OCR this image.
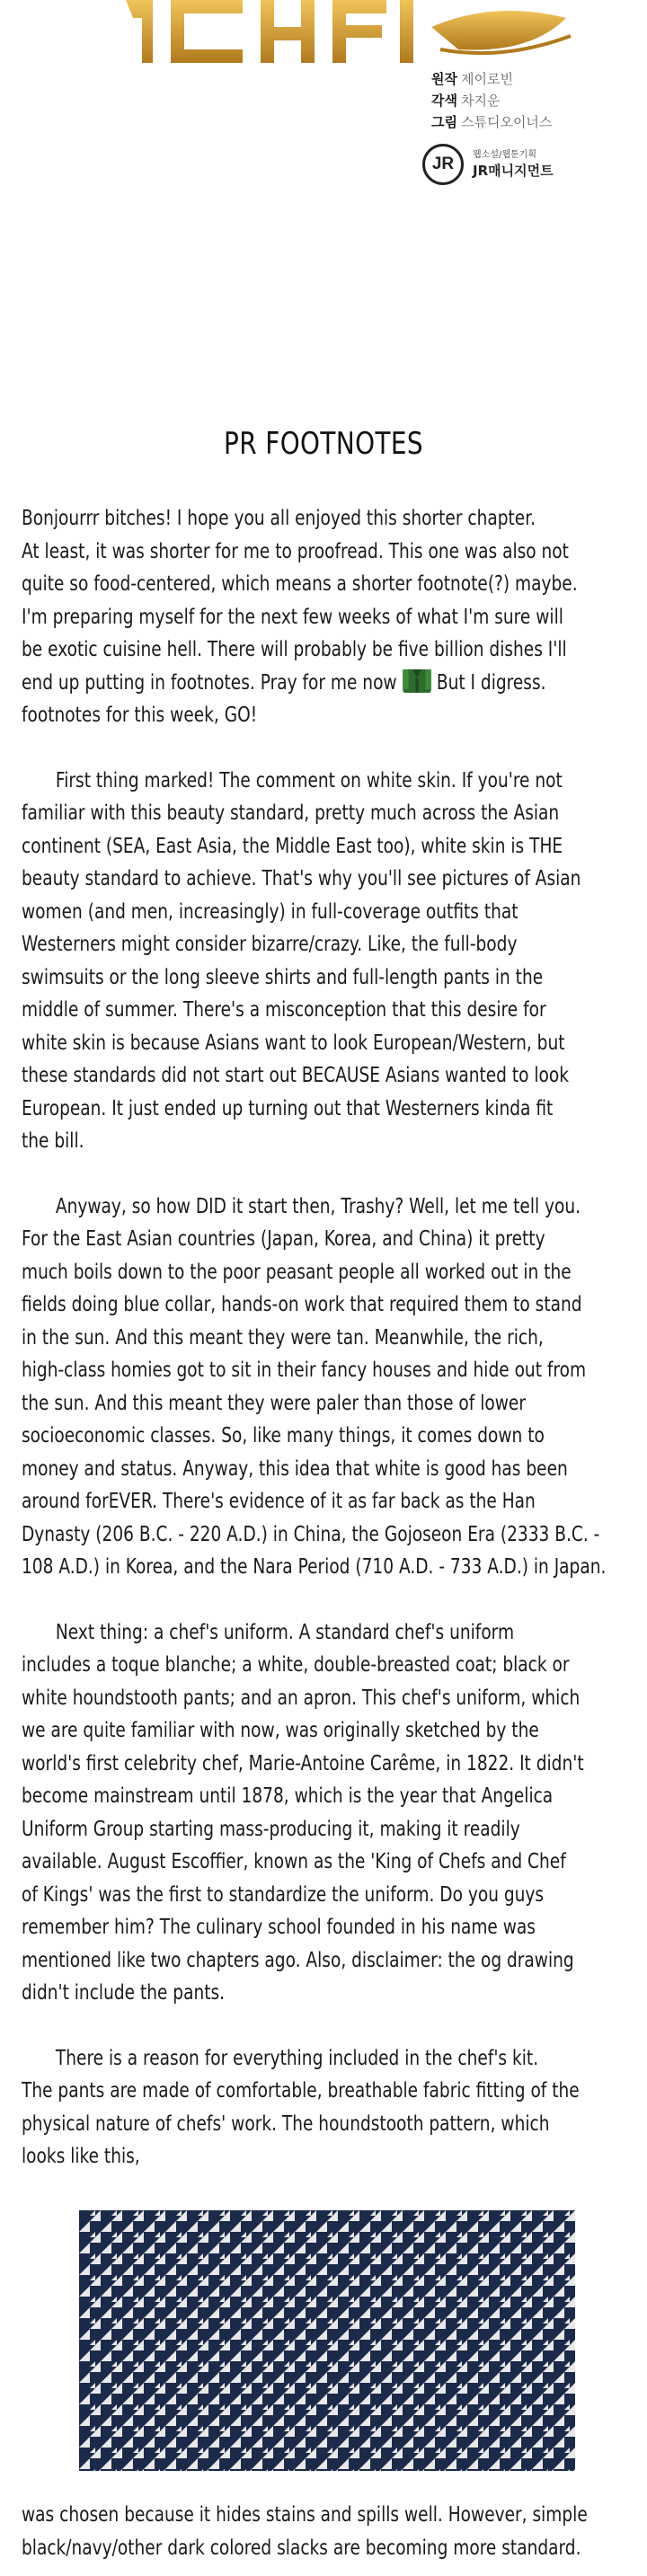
원작 제이로빈
각색 차지운
그림 스튜디오이너스
JR	웹소설/웹툰기획
JR매니지먼트
PR FOOTNOTES
Bonjourrr bitches! I hope you all enjoyed this shorter chapter.
At least, it was shorter for me to proofread. This one was also not
quite so food-centered, which means a shorter footnote(?) maybe.
I'm preparing myself for the next few weeks of what I'm sure will
be exotic cuisine hell. There will probably be five billion dishes I'll
end up putting in footnotes. Pray for me now But I digress.
footnotes for this week, GO!
First thing marked! The comment on white skin. If you're not
familiar with this beauty standard, pretty much across the Asian
continent (SEA, East Asia, the Middle East too), white skin is THE
beauty standard to achieve. That's why you'll see pictures of Asian
women (and men, increasingly) in full-coverage outfits that
Westerners might consider bizarre/crazy. Like, the full-body
swimsuits or the long sleeve shirts and full-length pants in the
middle of summer. There's a misconception that this desire for
white skin is because Asians want to look European/Western, but
these standards did not start out BECAUSE Asians wanted to look
European. It just ended up turning out that Westerners kinda fit
the bill.
Anyway, so how DID it start then, Trashy? Well, let me tell you.
For the East Asian countries (Japan, Korea, and China) it pretty
much boils down to the poor peasant people all worked out in the
fields doing blue collar, hands-on work that required them to stand
in the sun. And this meant they were tan. Meanwhile, the rich,
high-class homies got to sit in their fancy houses and hide out from
the sun. And this meant they were paler than those of lower
socioeconomic classes. So, like many things, it comes down to
money and status. Anyway, this idea that white is good has been
around forEVER. There's evidence of it as far back as the Han
Dynasty (206 B.C. - 220 A.D.) in China, the Gojoseon Era (2333 B.C. -
108 A.D.) in Korea, and the Nara Period (710 A.D. - 733 A.D.) in Japan.
Next thing: a chef's uniform. A standard chef's uniform
includes a toque blanche; a white, double-breasted coat; black or
white houndstooth pants; and an apron. This chef's uniform, which
we are quite familiar with now, was originally sketched by the
world's first celebrity chef, Marie-Antoine Carême, in 1822. It didn't
become mainstream until 1878, which is the year that Angelica
Uniform Group starting mass-producing it, making it readily
available. August Escoffier, known as the 'King of Chefs and Chef
of Kings' was the first to standardize the uniform. Do you guys
remember him? The culinary school founded in his name was
mentioned like two chapters ago. Also, disclaimer: the og drawing
didn't include the pants.
There is a reason for everything included in the chef's kit.
The pants are made of comfortable, breathable fabric fitting of the
physical nature of chefs' work. The houndstooth pattern, which
looks like this,
was chosen because it hides stains and spills well. However, simple
black/navy/other dark colored slacks are becoming more standard.
